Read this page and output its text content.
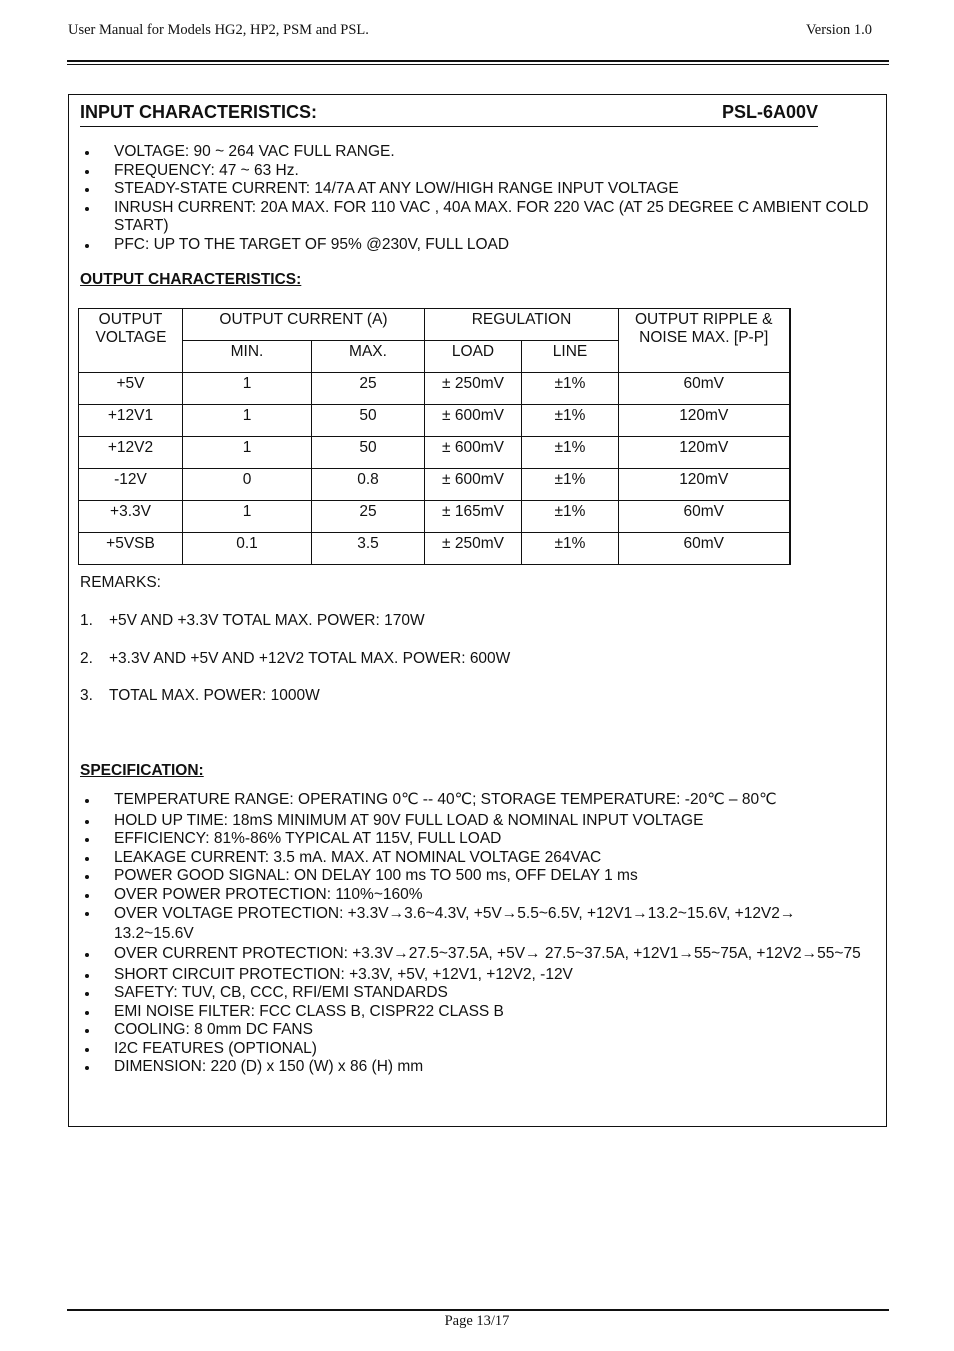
User Manual for Models HG2, HP2, PSM and PSL.	Version 1.0
INPUT CHARACTERISTICS:	PSL-6A00V
VOLTAGE: 90 ~ 264 VAC FULL RANGE.
FREQUENCY: 47 ~ 63 Hz.
STEADY-STATE CURRENT: 14/7A AT ANY LOW/HIGH RANGE INPUT VOLTAGE
INRUSH CURRENT: 20A MAX. FOR 110 VAC , 40A MAX. FOR 220 VAC (AT 25 DEGREE C AMBIENT COLD START)
PFC: UP TO THE TARGET OF 95% @230V, FULL LOAD
OUTPUT CHARACTERISTICS:
OUTPUT VOLTAGE	OUTPUT CURRENT (A)		REGULATION		OUTPUT RIPPLE & NOISE MAX. [P-P]

	MIN.	MAX.	LOAD	LINE	
+5V	1	25	± 250mV	±1%	60mV
+12V1	1	50	± 600mV	±1%	120mV
+12V2	1	50	± 600mV	±1%	120mV
-12V	0	0.8	± 600mV	±1%	120mV
+3.3V	1	25	± 165mV	±1%	60mV
+5VSB	0.1	3.5	± 250mV	±1%	60mV
REMARKS:
1. +5V AND +3.3V TOTAL MAX. POWER: 170W
2. +3.3V AND +5V AND +12V2 TOTAL MAX. POWER: 600W
3. TOTAL MAX. POWER: 1000W
SPECIFICATION:
TEMPERATURE RANGE: OPERATING 0℃ -- 40℃; STORAGE TEMPERATURE: -20℃ – 80℃
HOLD UP TIME: 18mS MINIMUM AT 90V FULL LOAD & NOMINAL INPUT VOLTAGE
EFFICIENCY: 81%-86% TYPICAL AT 115V, FULL LOAD
LEAKAGE CURRENT: 3.5 mA. MAX. AT NOMINAL VOLTAGE 264VAC
POWER GOOD SIGNAL: ON DELAY 100 ms TO 500 ms, OFF DELAY 1 ms
OVER POWER PROTECTION: 110%~160%
OVER VOLTAGE PROTECTION: +3.3V→3.6~4.3V, +5V→5.5~6.5V, +12V1→13.2~15.6V, +12V2→ 13.2~15.6V
OVER CURRENT PROTECTION: +3.3V→27.5~37.5A, +5V→ 27.5~37.5A, +12V1→55~75A, +12V2→55~75
SHORT CIRCUIT PROTECTION: +3.3V, +5V, +12V1, +12V2, -12V
SAFETY: TUV, CB, CCC, RFI/EMI STANDARDS
EMI NOISE FILTER: FCC CLASS B, CISPR22 CLASS B
COOLING: 8 0mm DC FANS
I2C FEATURES (OPTIONAL)
DIMENSION: 220 (D) x 150 (W) x 86 (H) mm
Page 13/17
